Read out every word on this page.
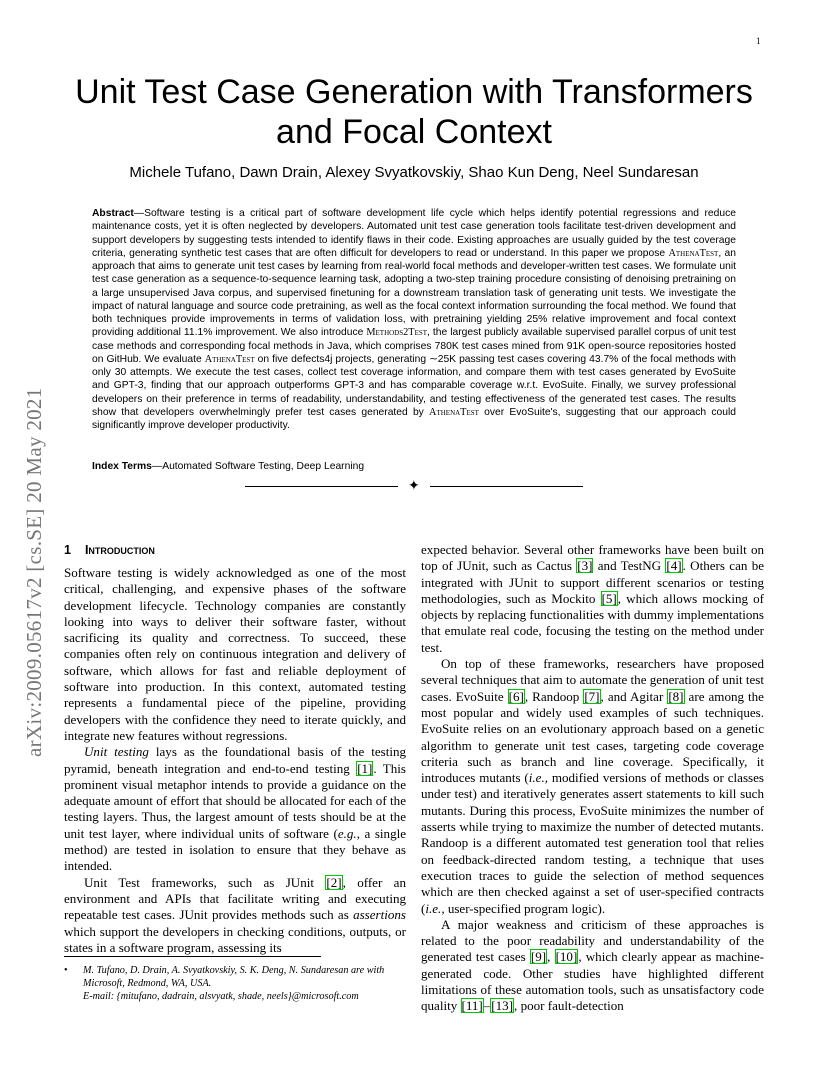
1
Unit Test Case Generation with Transformers and Focal Context
Michele Tufano, Dawn Drain, Alexey Svyatkovskiy, Shao Kun Deng, Neel Sundaresan

Abstract—Software testing is a critical part of software development life cycle which helps identify potential regressions and reduce maintenance costs, yet it is often neglected by developers. Automated unit test case generation tools facilitate test-driven development and support developers by suggesting tests intended to identify flaws in their code. Existing approaches are usually guided by the test coverage criteria, generating synthetic test cases that are often difficult for developers to read or understand. In this paper we propose AthenaTest, an approach that aims to generate unit test cases by learning from real-world focal methods and developer-written test cases. We formulate unit test case generation as a sequence-to-sequence learning task, adopting a two-step training procedure consisting of denoising pretraining on a large unsupervised Java corpus, and supervised finetuning for a downstream translation task of generating unit tests. We investigate the impact of natural language and source code pretraining, as well as the focal context information surrounding the focal method. We found that both techniques provide improvements in terms of validation loss, with pretraining yielding 25% relative improvement and focal context providing additional 11.1% improvement. We also introduce Methods2Test, the largest publicly available supervised parallel corpus of unit test case methods and corresponding focal methods in Java, which comprises 780K test cases mined from 91K open-source repositories hosted on GitHub. We evaluate AthenaTest on five defects4j projects, generating ∼25K passing test cases covering 43.7% of the focal methods with only 30 attempts. We execute the test cases, collect test coverage information, and compare them with test cases generated by EvoSuite and GPT-3, finding that our approach outperforms GPT-3 and has comparable coverage w.r.t. EvoSuite. Finally, we survey professional developers on their preference in terms of readability, understandability, and testing effectiveness of the generated test cases. The results show that developers overwhelmingly prefer test cases generated by AthenaTest over EvoSuite's, suggesting that our approach could significantly improve developer productivity.

Index Terms—Automated Software Testing, Deep Learning

✦
arXiv:2009.05617v2 [cs.SE] 20 May 2021 1 Introduction

Software testing is widely acknowledged as one of the most critical, challenging, and expensive phases of the software development lifecycle. Technology companies are constantly looking into ways to deliver their software faster, without sacrificing its quality and correctness. To succeed, these companies often rely on continuous integration and delivery of software, which allows for fast and reliable deployment of software into production. In this context, automated testing represents a fundamental piece of the pipeline, providing developers with the confidence they need to iterate quickly, and integrate new features without regressions.

Unit testing lays as the foundational basis of the testing pyramid, beneath integration and end-to-end testing [1]. This prominent visual metaphor intends to provide a guidance on the adequate amount of effort that should be allocated for each of the testing layers. Thus, the largest amount of tests should be at the unit test layer, where individual units of software (e.g., a single method) are tested in isolation to ensure that they behave as intended.

Unit Test frameworks, such as JUnit [2], offer an environment and APIs that facilitate writing and executing repeatable test cases. JUnit provides methods such as assertions which support the developers in checking conditions, outputs, or states in a software program, assessing its

expected behavior. Several other frameworks have been built on top of JUnit, such as Cactus [3] and TestNG [4]. Others can be integrated with JUnit to support different scenarios or testing methodologies, such as Mockito [5], which allows mocking of objects by replacing functionalities with dummy implementations that emulate real code, focusing the testing on the method under test.

On top of these frameworks, researchers have proposed several techniques that aim to automate the generation of unit test cases. EvoSuite [6], Randoop [7], and Agitar [8] are among the most popular and widely used examples of such techniques. EvoSuite relies on an evolutionary approach based on a genetic algorithm to generate unit test cases, targeting code coverage criteria such as branch and line coverage. Specifically, it introduces mutants (i.e., modified versions of methods or classes under test) and iteratively generates assert statements to kill such mutants. During this process, EvoSuite minimizes the number of asserts while trying to maximize the number of detected mutants. Randoop is a different automated test generation tool that relies on feedback-directed random testing, a technique that uses execution traces to guide the selection of method sequences which are then checked against a set of user-specified contracts (i.e., user-specified program logic).

A major weakness and criticism of these approaches is related to the poor readability and understandability of the generated test cases [9], [10], which clearly appear as machine-generated code. Other studies have highlighted different limitations of these automation tools, such as unsatisfactory code quality [11]–[13], poor fault-detection

• M. Tufano, D. Drain, A. Svyatkovskiy, S. K. Deng, N. Sundaresan are with Microsoft, Redmond, WA, USA.
E-mail: {mitufano, dadrain, alsvyatk, shade, neels}@microsoft.com
